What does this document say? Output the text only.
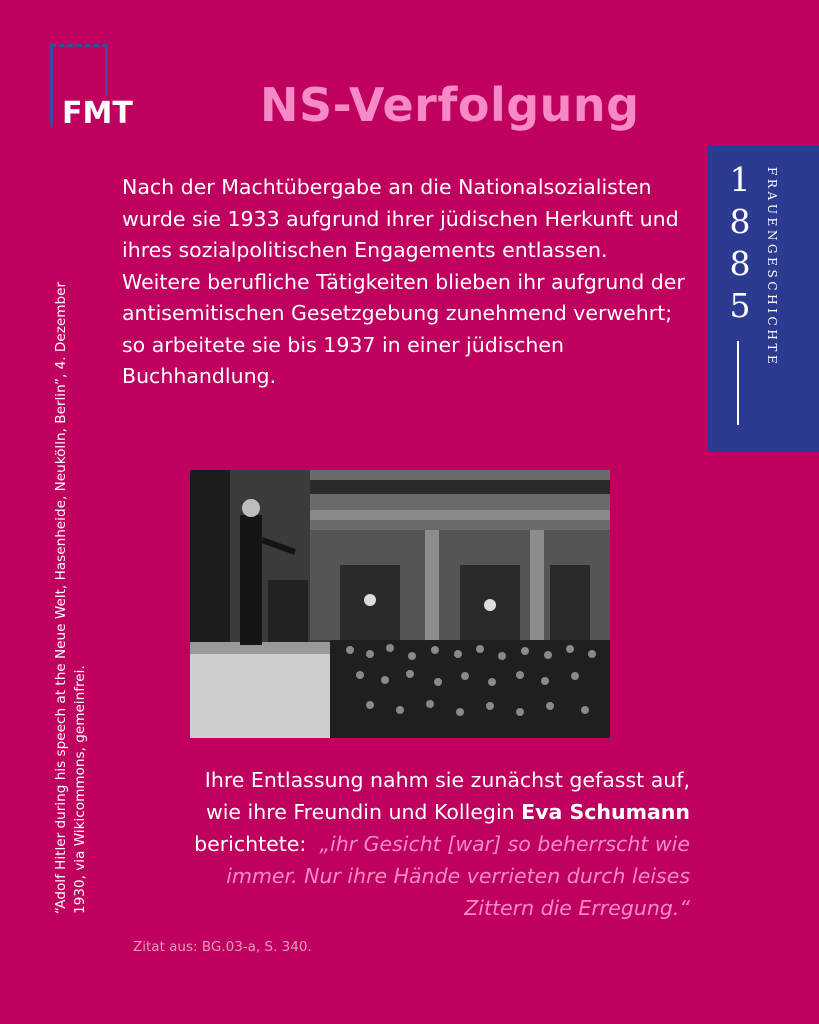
FMT	NS-Verfolgung
1
8
8
5	FRAUENGESCHICHTE
“Adolf Hitler during his speech at the Neue Welt, Hasenheide, Neukölln, Berlin”, 4. Dezember 1930, via Wikicommons, gemeinfrei.

Nach der Machtübergabe an die Nationalsozialisten wurde sie 1933 aufgrund ihrer jüdischen Herkunft und ihres sozialpolitischen Engagements entlassen. Weitere berufliche Tätigkeiten blieben ihr aufgrund der antisemitischen Gesetzgebung zunehmend verwehrt; so arbeitete sie bis 1937 in einer jüdischen Buchhandlung.

Ihre Entlassung nahm sie zunächst gefasst auf,
wie ihre Freundin und Kollegin Eva Schumann
berichtete: „ihr Gesicht [war] so beherrscht wie
immer. Nur ihre Hände verrieten durch leises
Zittern die Erregung.“
Zitat aus: BG.03-a, S. 340.
